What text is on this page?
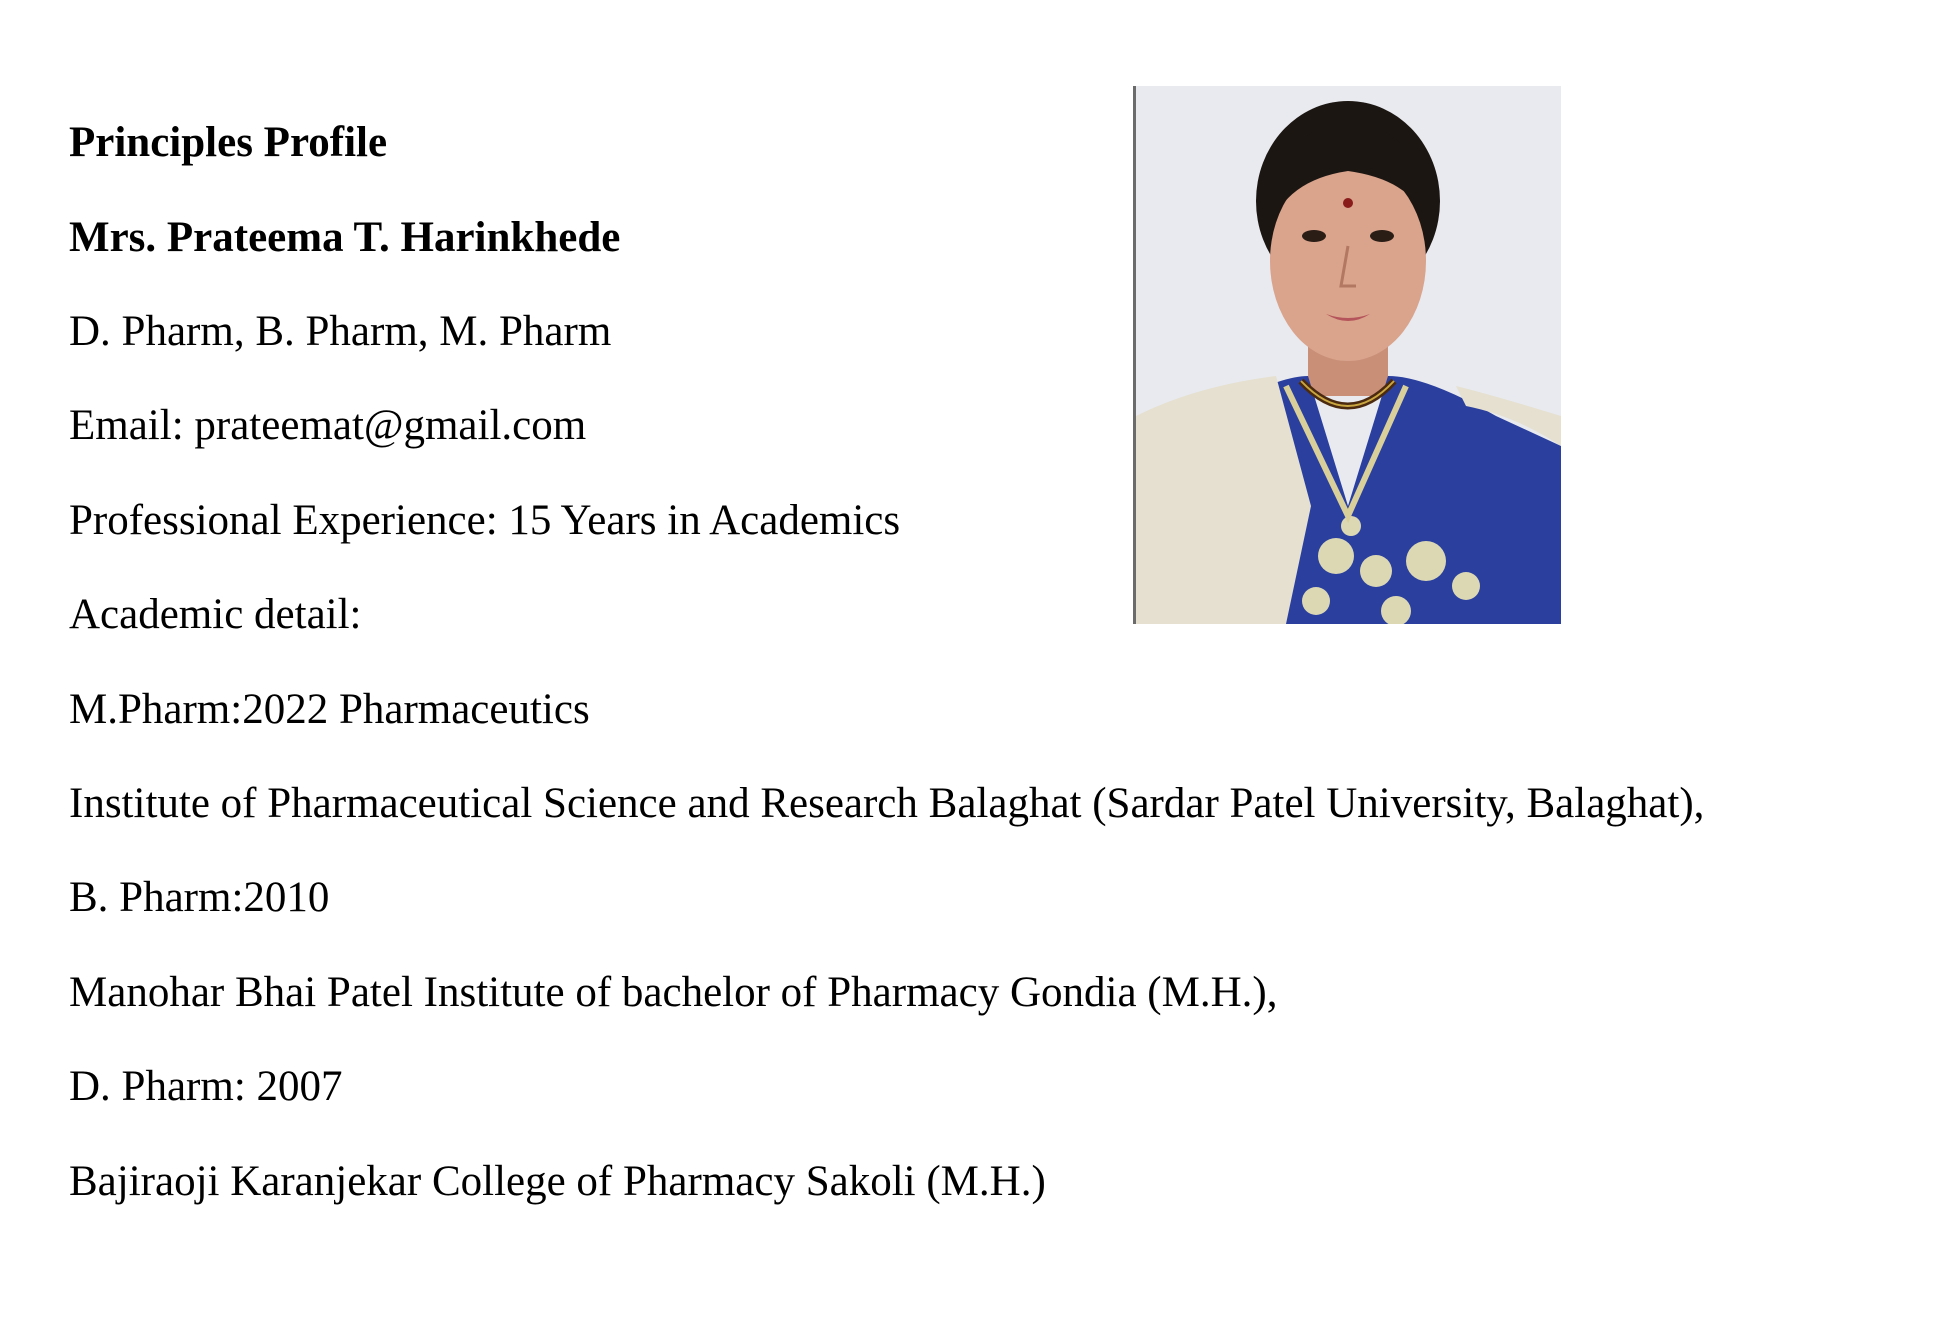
Principles Profile
Mrs. Prateema T. Harinkhede
D. Pharm, B. Pharm, M. Pharm
Email: prateemat@gmail.com
Professional Experience: 15 Years in Academics
Academic detail:
M.Pharm:2022 Pharmaceutics
Institute of Pharmaceutical Science and Research Balaghat (Sardar Patel University, Balaghat),
B. Pharm:2010
Manohar Bhai Patel Institute of bachelor of Pharmacy Gondia (M.H.),
D. Pharm: 2007
Bajiraoji Karanjekar College of Pharmacy Sakoli (M.H.)
